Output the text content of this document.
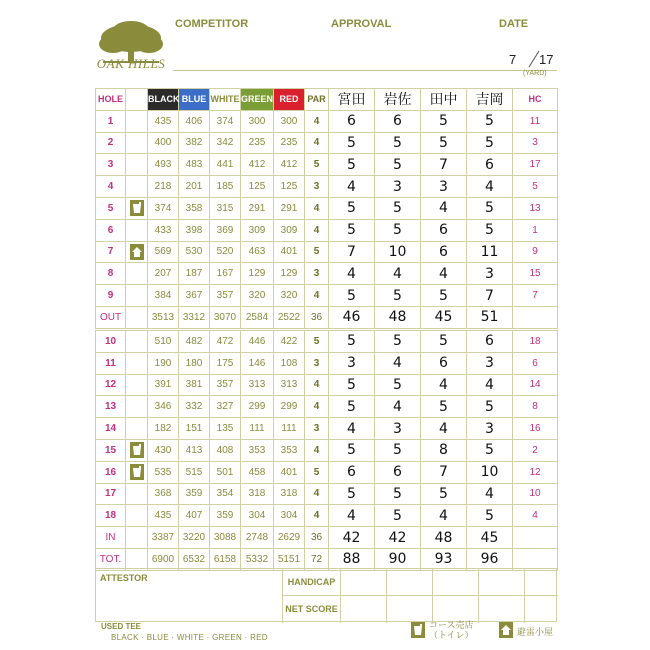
OAK HILLS
COMPETITOR	APPROVAL	DATE
7 17
(YARD)
HOLE		BLACK	BLUE	WHITE	GREEN	RED	PAR	宮田	岩佐	田中	吉岡	HC
1		435	406	374	300	300	4	6	6	5	5	11
2		400	382	342	235	235	4	5	5	5	5	3
3		493	483	441	412	412	5	5	5	7	6	17
4		218	201	185	125	125	3	4	3	3	4	5
5		374	358	315	291	291	4	5	5	4	5	13
6		433	398	369	309	309	4	5	5	6	5	1
7		569	530	520	463	401	5	7	10	6	11	9
8		207	187	167	129	129	3	4	4	4	3	15
9		384	367	357	320	320	4	5	5	5	7	7
OUT		3513	3312	3070	2584	2522	36	46	48	45	51	
10		510	482	472	446	422	5	5	5	5	6	18
11		190	180	175	146	108	3	3	4	6	3	6
12		391	381	357	313	313	4	5	5	4	4	14
13		346	332	327	299	299	4	5	4	5	5	8
14		182	151	135	111	111	3	4	3	4	3	16
15		430	413	408	353	353	4	5	5	8	5	2
16		535	515	501	458	401	5	6	6	7	10	12
17		368	359	354	318	318	4	5	5	5	4	10
18		435	407	359	304	304	4	4	5	4	5	4
IN		3387	3220	3088	2748	2629	36	42	42	48	45	
TOT.		6900	6532	6158	5332	5151	72	88	90	93	96	
ATTESTOR	HANDICAP
NET SCORE
USED TEE
BLACK · BLUE · WHITE · GREEN · RED
コース売店
（トイレ）	避雷小屋
